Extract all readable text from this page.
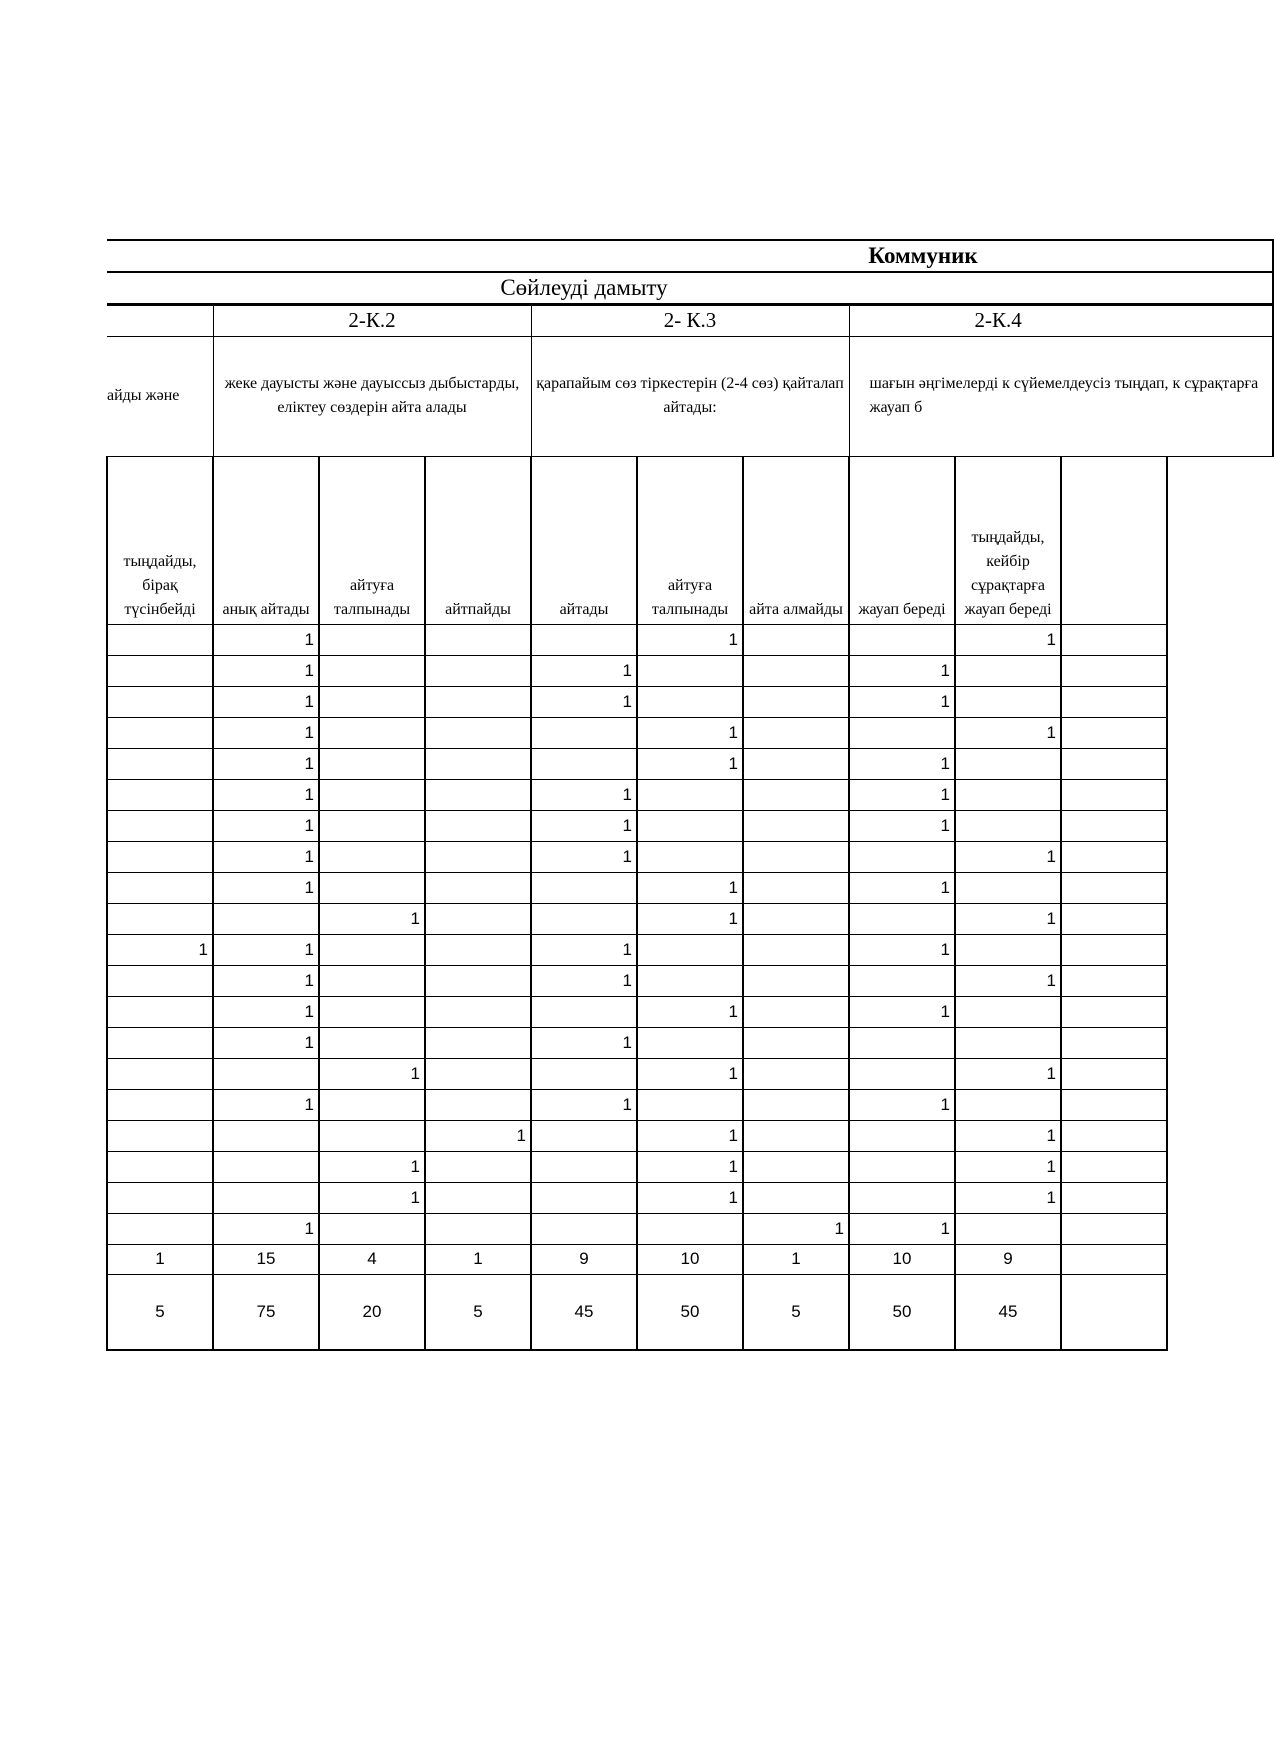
Коммуник									
Сөйлеуді дамыту									
	2-К.2			2- К.3			2-К.4		
айды және	жеке дауысты және дауыссыз дыбыстарды, еліктеу сөздерін айта алады			қарапайым сөз тіркестерін (2-4 сөз) қайталап айтады:			шағын әңгімелерді к сүйемелдеусіз тыңдап, к сұрақтарға жауап б		
тыңдайды, бірақ түсінбейді	анық айтады	айтуға талпынады	айтпайды	айтады	айтуға талпынады	айта алмайды	жауап береді	тыңдайды, кейбір сұрақтарға жауап береді	
	1				1			1	
	1			1			1		
	1			1			1		
	1				1			1	
	1				1		1		
	1			1			1		
	1			1			1		
	1			1				1	
	1				1		1		
		1			1			1	
1	1			1			1		
	1			1				1	
	1				1		1		
	1			1					
		1			1			1	
	1			1			1		
			1		1			1	
		1			1			1	
		1			1			1	
	1					1	1		
1	15	4	1	9	10	1	10	9	
5	75	20	5	45	50	5	50	45	
